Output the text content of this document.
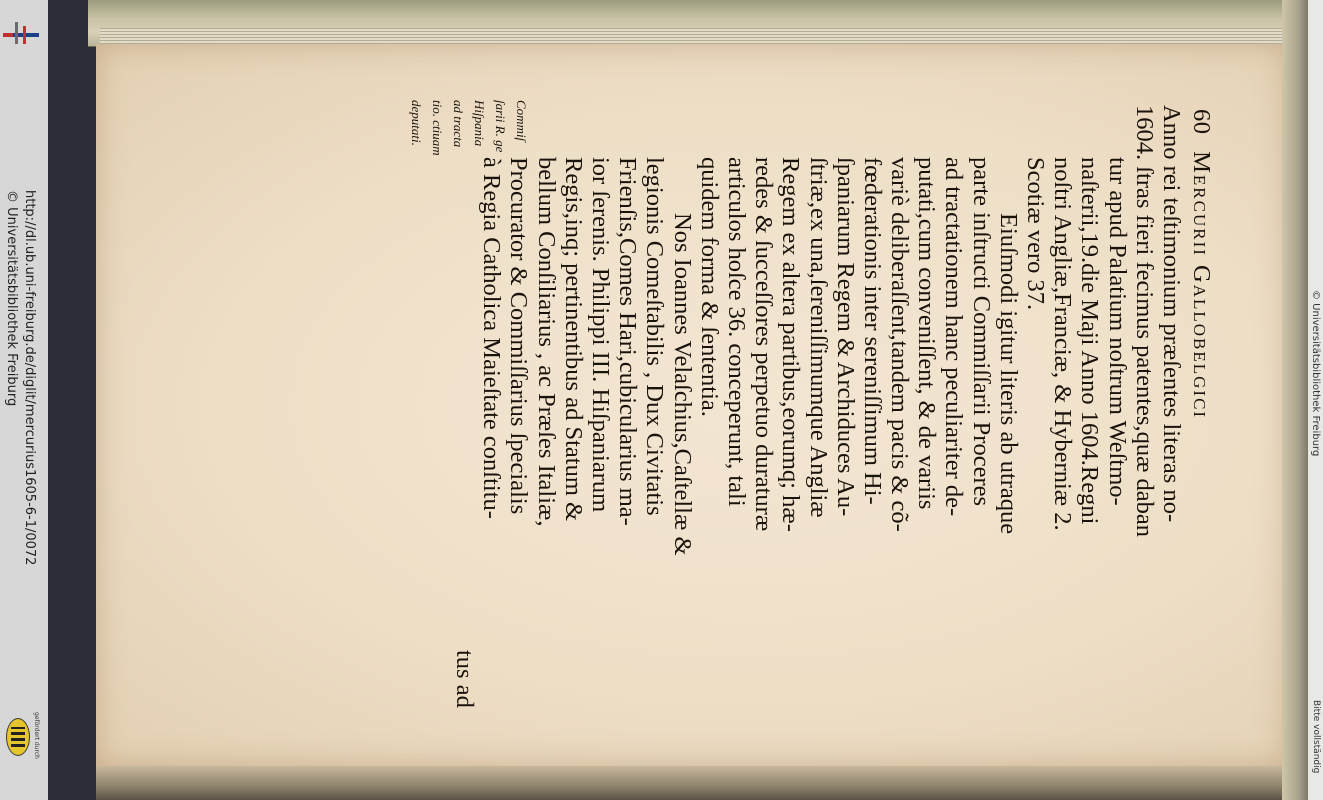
http://dl.ub.uni-freiburg.de/diglit/mercurius1605-6-1/0072
© Universitätsbibliothek Freiburg
gefördert durch
© Universitätsbibliothek Freiburg
Bitte vollständig
60 Mercurii Gallobelgici
Anno rei teſtimonium præſentes literas no-
1604. ſtras fieri fecimus patentes,quæ daban
tur apud Palatium noſtrum Weſtmo-
naſterii,19.die Maji Anno 1604.Regni
noſtri Angliæ,Franciæ, & Hyberniæ 2.
Scotiæ vero 37.
Eiuſmodi igitur literis ab utraque
parte inſtructi Commiſſarii Proceres
ad tractationem hanc peculiariter de-
putati,cum conveniſſent, & de variis
variè deliberaſſent,tandem pacis & cõ-
fœderationis inter sereniſſimum Hi-
ſpaniarum Regem & Archiduces Au-
ſtriæ,ex una,ſereniſſimumque Angliæ
Regem ex altera partibus,eorumq; hæ-
redes & ſucceſſores perpetuo duraturæ
articulos hoſce 36. conceperunt, tali
quidem forma & ſententia.
Nos Ioannes Velaſchius,Caſtellæ &
legionis Comeſtabilis , Dux Civitatis
Frienſis,Comes Hari,cubicularius ma-
ior ſerenis. Philippi III. Hiſpaniarum
Regis,inq; pertinentibus ad Statum &
bellum Conſiliarius , ac Præſes Italiæ,
Procurator & Commiſſarius ſpecialis
à Regia Catholica Maieſtate conſtitu-
tus ad
Commiſ
ſarii R. ge
Hiſpania
ad tracta
tio. ctiuam
deputati.
